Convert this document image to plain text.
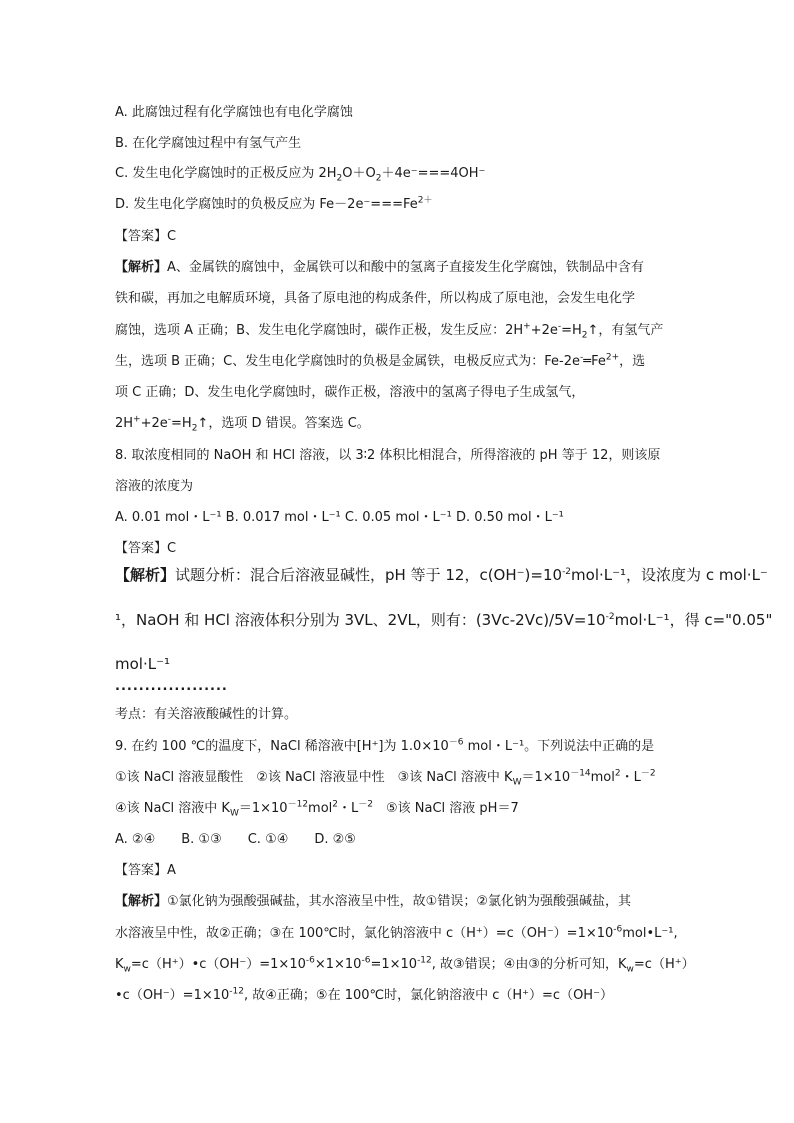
A. 此腐蚀过程有化学腐蚀也有电化学腐蚀
B. 在化学腐蚀过程中有氢气产生
C. 发生电化学腐蚀时的正极反应为 $2H_2O+O_2+4e^-===4OH^-$
D. 发生电化学腐蚀时的负极反应为 $Fe-2e^-===Fe^{2+}$
【答案】C
【解析】A、金属铁的腐蚀中，金属铁可以和酸中的氢离子直接发生化学腐蚀，铁制品中含有
铁和碳，再加之电解质环境，具备了原电池的构成条件，所以构成了原电池，会发生电化学
腐蚀，选项 A 正确；B、发生电化学腐蚀时，碳作正极，发生反应：$2H^++2e^-=H_2↑$，有氢气产
生，选项 B 正确；C、发生电化学腐蚀时的负极是金属铁，电极反应式为：$Fe-2e^-═Fe^{2+}$，选
项 C 正确；D、发生电化学腐蚀时，碳作正极，溶液中的氢离子得电子生成氢气，
$2H^++2e^-=H_2↑$，选项 D 错误。答案选 C。
8. 取浓度相同的 NaOH 和 HCl 溶液，以 3∶2 体积比相混合，所得溶液的 pH 等于 12，则该原
溶液的浓度为
A. 0.01 mol・L⁻¹ B. 0.017 mol・L⁻¹ C. 0.05 mol・L⁻¹ D. 0.50 mol・L⁻¹
【答案】C
【解析】试题分析：混合后溶液显碱性，pH 等于 12，$c(OH^-)=10^{-2}mol\cdot L^{-1}$，设浓度为 c mol·L⁻
¹，NaOH 和 HCl 溶液体积分别为 3VL、2VL，则有：$(3Vc-2Vc)/5V=10^{-2}mol\cdot L^{-1}$，得 c="0.05"
mol·L⁻¹
...................
考点：有关溶液酸碱性的计算。
9. 在约 100 ℃的温度下，NaCl 稀溶液中[H⁺]为 $1.0\times 10^{-6}$ mol・L⁻¹。下列说法中正确的是
①该 NaCl 溶液显酸性　②该 NaCl 溶液显中性　③该 NaCl 溶液中 $K_W=1\times 10^{-14}mol^2$・$L^{-2}$
④该 NaCl 溶液中 $K_W=1\times 10^{-12}mol^2$・$L^{-2}$　⑤该 NaCl 溶液 pH＝7
A. ②④　　B. ①③　　C. ①④　　D. ②⑤
【答案】A
【解析】①氯化钠为强酸强碱盐，其水溶液呈中性，故①错误；②氯化钠为强酸强碱盐，其
水溶液呈中性，故②正确；③在 100℃时，氯化钠溶液中 $c(H^+)=c(OH^-)=1\times 10^{-6}mol•L^{-1}$,
$K_w=c(H^+)•c(OH^-)=1\times 10^{-6}\times 1\times 10^{-6}=1\times 10^{-12}$, 故③错误；④由③的分析可知，$K_w=c(H^+)$
$•c(OH^-)=1\times 10^{-12}$, 故④正确；⑤在 100℃时，氯化钠溶液中 c（H⁺）=c（OH⁻）
